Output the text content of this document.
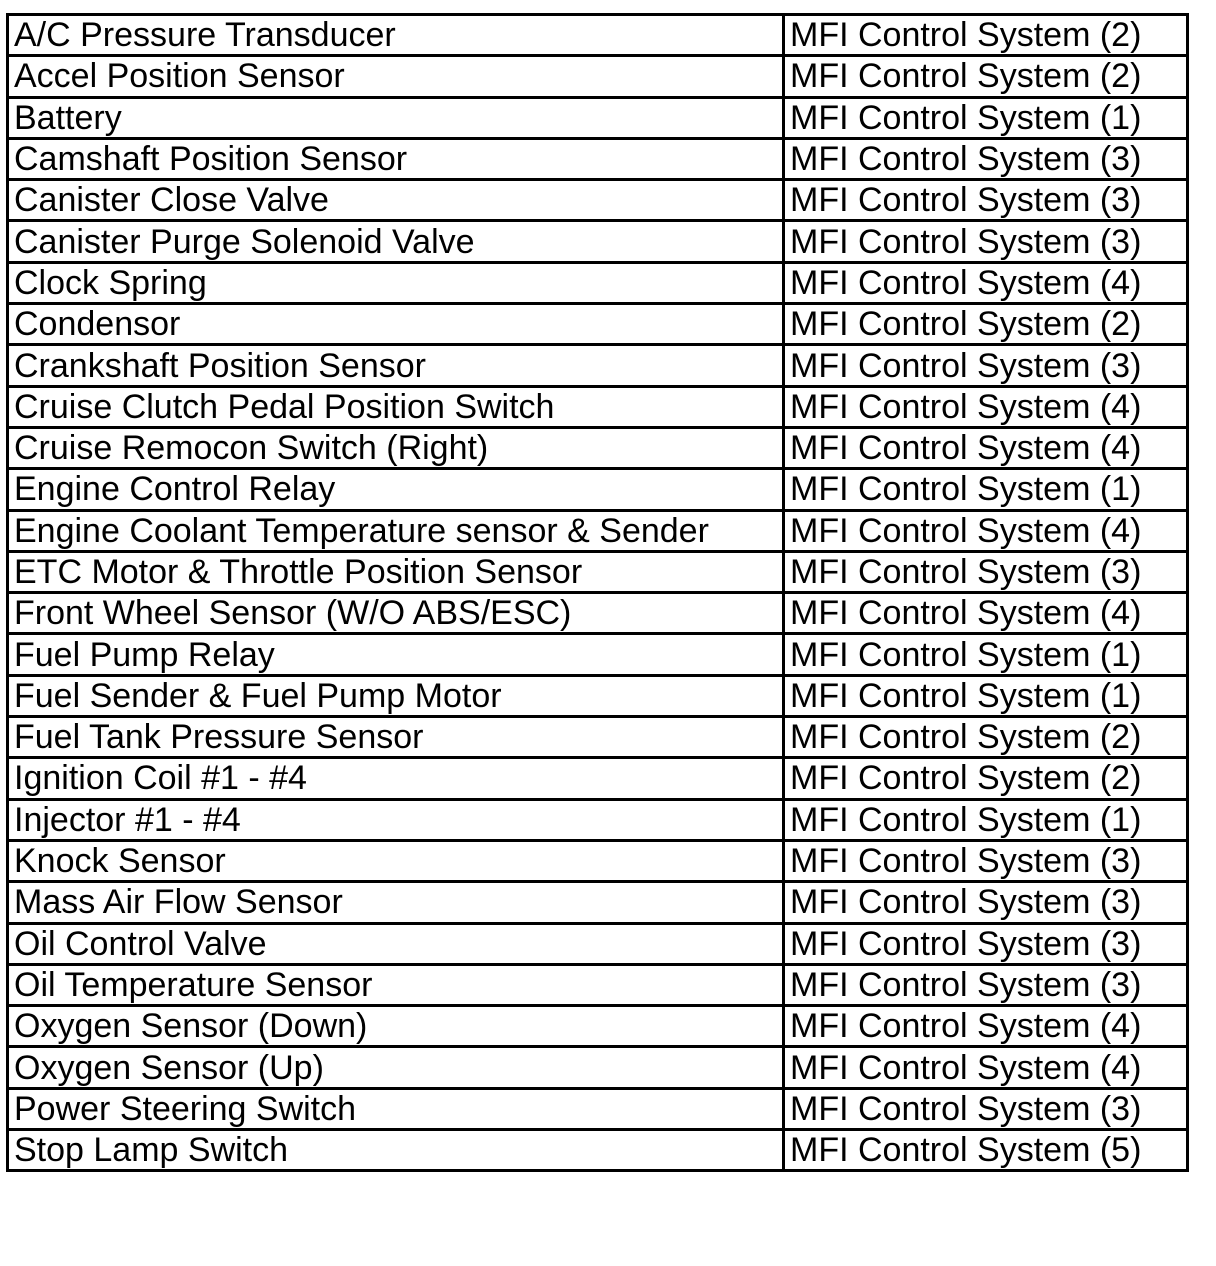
A/C Pressure Transducer	MFI Control System (2)
Accel Position Sensor	MFI Control System (2)
Battery	MFI Control System (1)
Camshaft Position Sensor	MFI Control System (3)
Canister Close Valve	MFI Control System (3)
Canister Purge Solenoid Valve	MFI Control System (3)
Clock Spring	MFI Control System (4)
Condensor	MFI Control System (2)
Crankshaft Position Sensor	MFI Control System (3)
Cruise Clutch Pedal Position Switch	MFI Control System (4)
Cruise Remocon Switch (Right)	MFI Control System (4)
Engine Control Relay	MFI Control System (1)
Engine Coolant Temperature sensor & Sender	MFI Control System (4)
ETC Motor & Throttle Position Sensor	MFI Control System (3)
Front Wheel Sensor (W/O ABS/ESC)	MFI Control System (4)
Fuel Pump Relay	MFI Control System (1)
Fuel Sender & Fuel Pump Motor	MFI Control System (1)
Fuel Tank Pressure Sensor	MFI Control System (2)
Ignition Coil #1 - #4	MFI Control System (2)
Injector #1 - #4	MFI Control System (1)
Knock Sensor	MFI Control System (3)
Mass Air Flow Sensor	MFI Control System (3)
Oil Control Valve	MFI Control System (3)
Oil Temperature Sensor	MFI Control System (3)
Oxygen Sensor (Down)	MFI Control System (4)
Oxygen Sensor (Up)	MFI Control System (4)
Power Steering Switch	MFI Control System (3)
Stop Lamp Switch	MFI Control System (5)
